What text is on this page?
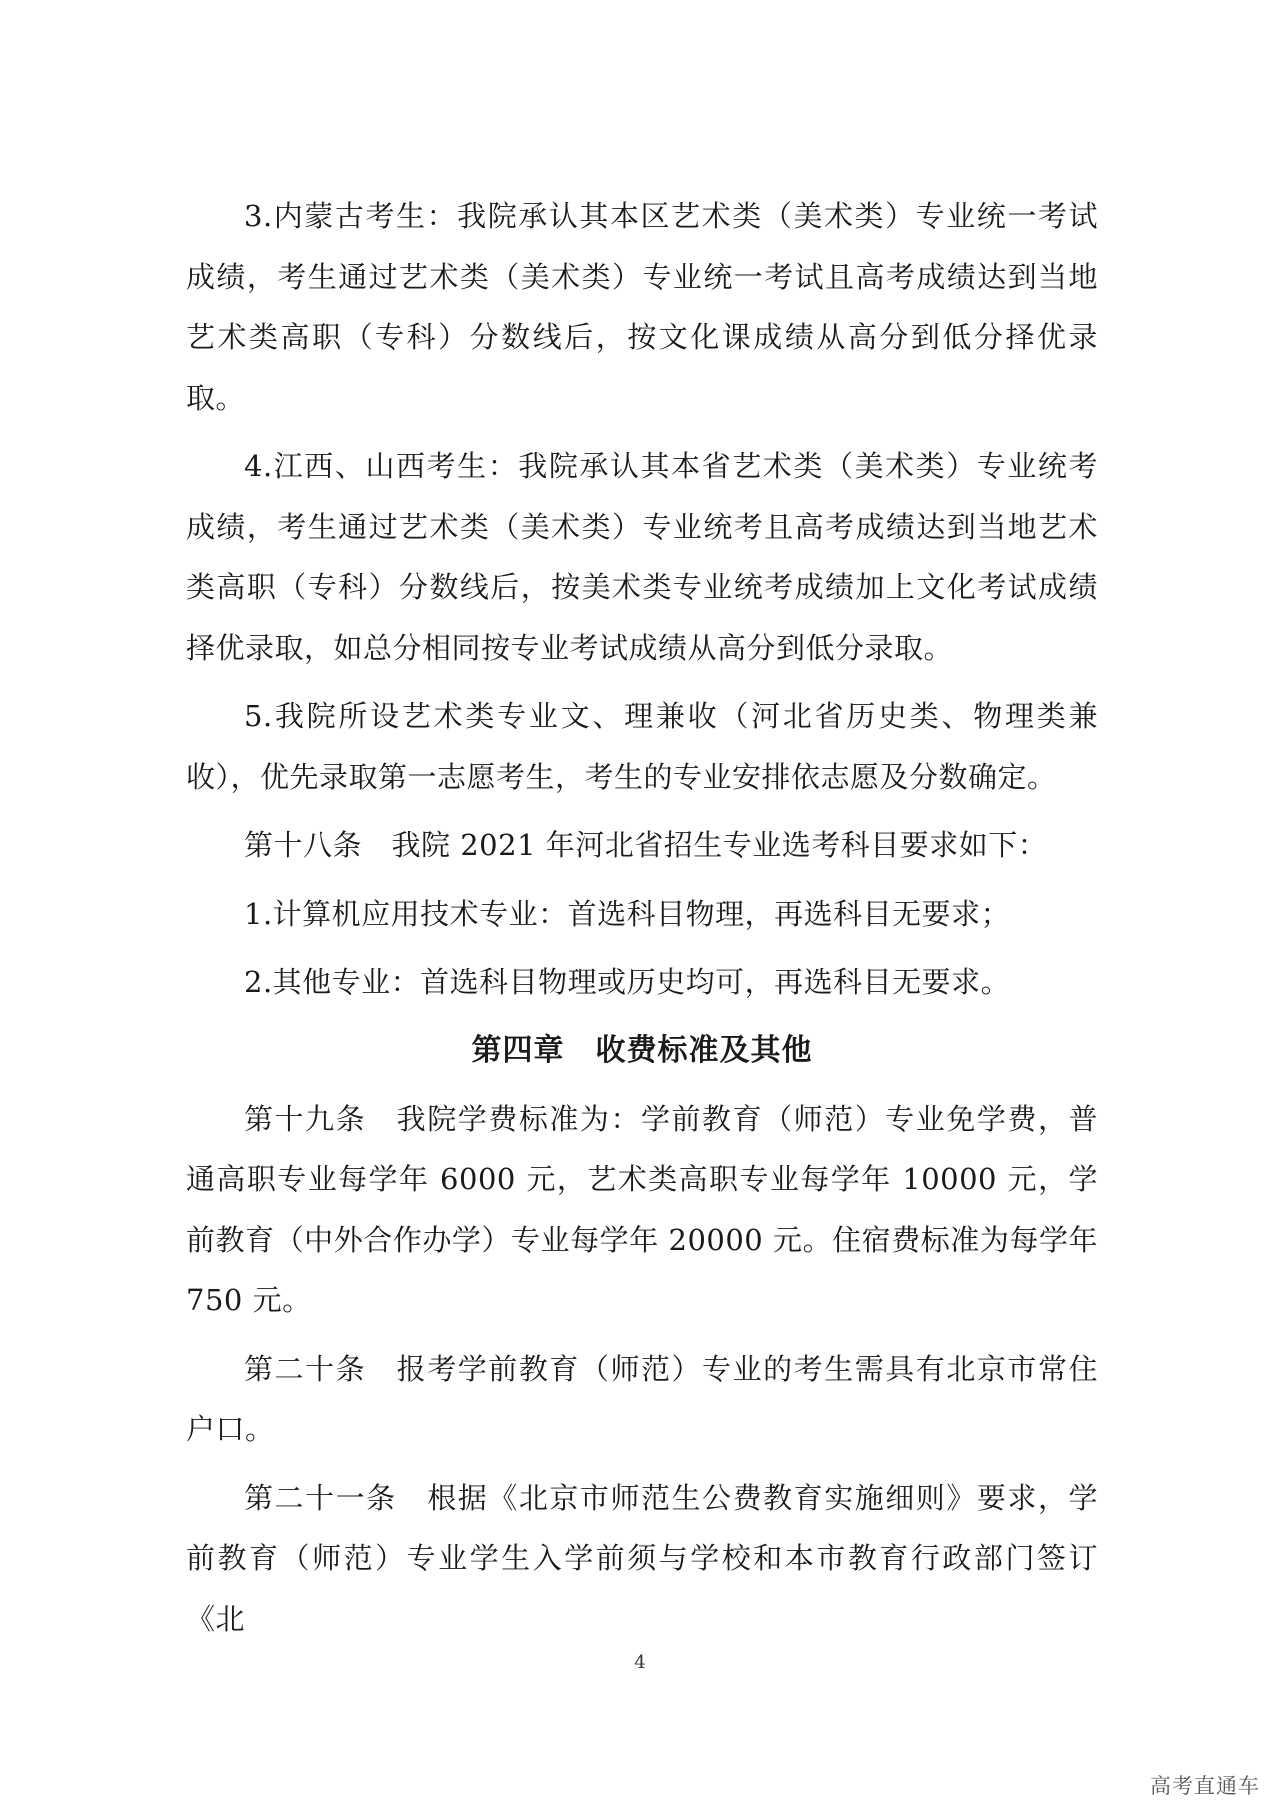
3.内蒙古考生：我院承认其本区艺术类（美术类）专业统一考试成绩，考生通过艺术类（美术类）专业统一考试且高考成绩达到当地艺术类高职（专科）分数线后，按文化课成绩从高分到低分择优录取。

4.江西、山西考生：我院承认其本省艺术类（美术类）专业统考成绩，考生通过艺术类（美术类）专业统考且高考成绩达到当地艺术类高职（专科）分数线后，按美术类专业统考成绩加上文化考试成绩择优录取，如总分相同按专业考试成绩从高分到低分录取。

5.我院所设艺术类专业文、理兼收（河北省历史类、物理类兼收），优先录取第一志愿考生，考生的专业安排依志愿及分数确定。

第十八条　我院 2021 年河北省招生专业选考科目要求如下：

1.计算机应用技术专业：首选科目物理，再选科目无要求；

2.其他专业：首选科目物理或历史均可，再选科目无要求。

第四章　收费标准及其他

第十九条　我院学费标准为：学前教育（师范）专业免学费，普通高职专业每学年 6000 元，艺术类高职专业每学年 10000 元，学前教育（中外合作办学）专业每学年 20000 元。住宿费标准为每学年 750 元。

第二十条　报考学前教育（师范）专业的考生需具有北京市常住户口。

第二十一条　根据《北京市师范生公费教育实施细则》要求，学前教育（师范）专业学生入学前须与学校和本市教育行政部门签订《北

4
高考直通车
